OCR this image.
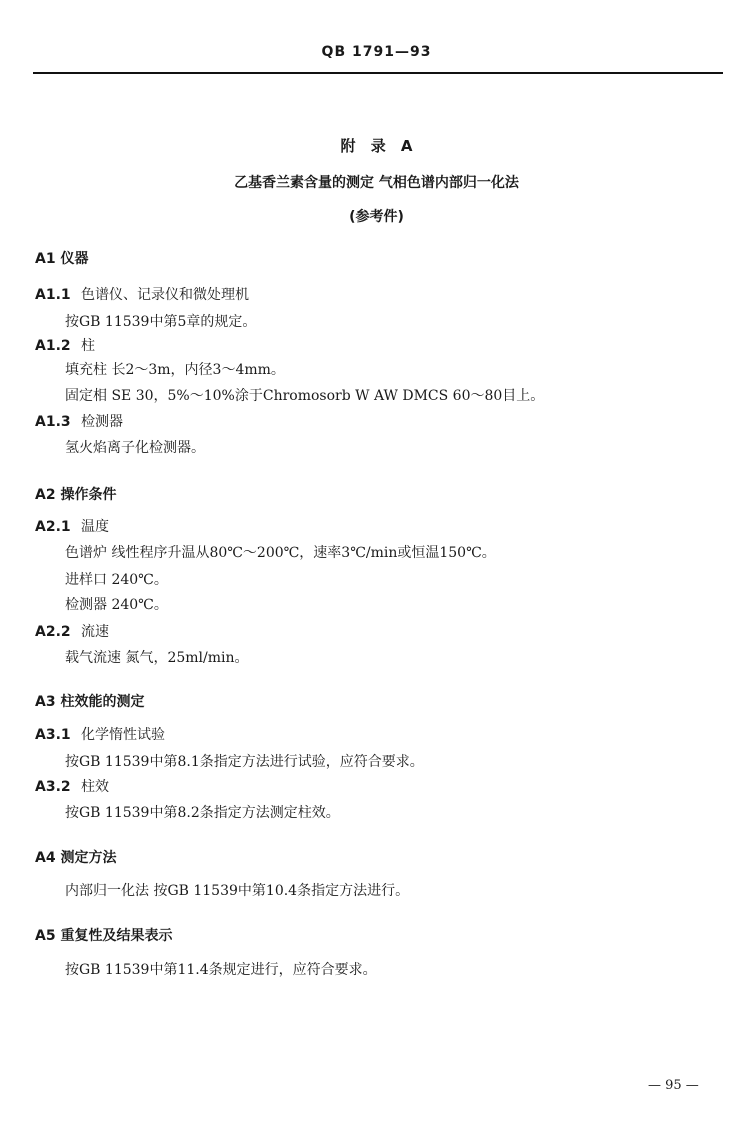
QB 1791—93
附 录 A
乙基香兰素含量的测定 气相色谱内部归一化法
(参考件)
A1 仪器
A1.1 色谱仪、记录仪和微处理机
按GB 11539中第5章的规定。
A1.2 柱
填充柱 长2～3m，内径3～4mm。
固定相 SE 30，5%～10%涂于Chromosorb W AW DMCS 60～80目上。
A1.3 检测器
氢火焰离子化检测器。
A2 操作条件
A2.1 温度
色谱炉 线性程序升温从80℃～200℃，速率3℃/min或恒温150℃。
进样口 240℃。
检测器 240℃。
A2.2 流速
载气流速 氮气，25ml/min。
A3 柱效能的测定
A3.1 化学惰性试验
按GB 11539中第8.1条指定方法进行试验，应符合要求。
A3.2 柱效
按GB 11539中第8.2条指定方法测定柱效。
A4 测定方法
内部归一化法 按GB 11539中第10.4条指定方法进行。
A5 重复性及结果表示
按GB 11539中第11.4条规定进行，应符合要求。
— 95 —
